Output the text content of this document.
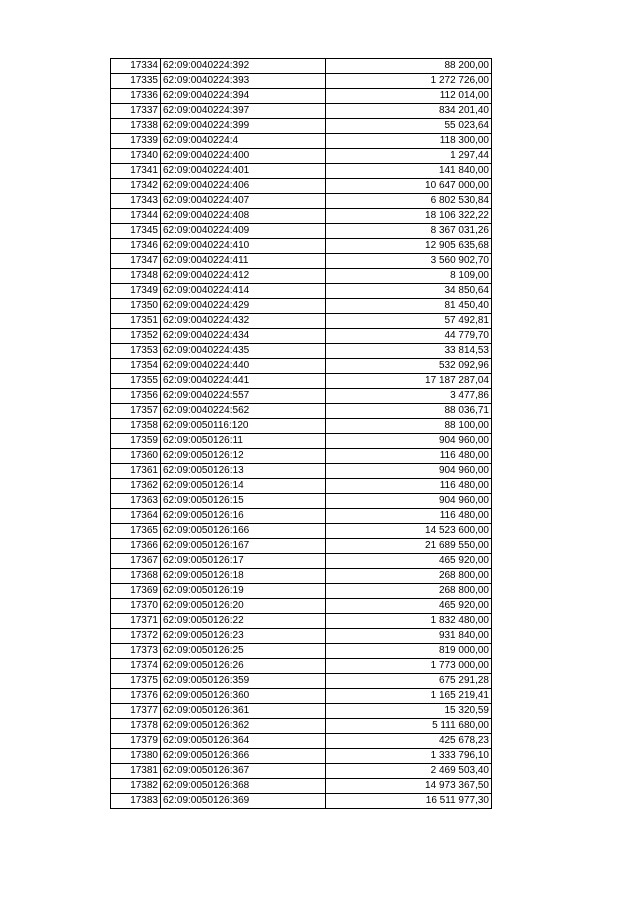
17334	62:09:0040224:392	88 200,00
17335	62:09:0040224:393	1 272 726,00
17336	62:09:0040224:394	112 014,00
17337	62:09:0040224:397	834 201,40
17338	62:09:0040224:399	55 023,64
17339	62:09:0040224:4	118 300,00
17340	62:09:0040224:400	1 297,44
17341	62:09:0040224:401	141 840,00
17342	62:09:0040224:406	10 647 000,00
17343	62:09:0040224:407	6 802 530,84
17344	62:09:0040224:408	18 106 322,22
17345	62:09:0040224:409	8 367 031,26
17346	62:09:0040224:410	12 905 635,68
17347	62:09:0040224:411	3 560 902,70
17348	62:09:0040224:412	8 109,00
17349	62:09:0040224:414	34 850,64
17350	62:09:0040224:429	81 450,40
17351	62:09:0040224:432	57 492,81
17352	62:09:0040224:434	44 779,70
17353	62:09:0040224:435	33 814,53
17354	62:09:0040224:440	532 092,96
17355	62:09:0040224:441	17 187 287,04
17356	62:09:0040224:557	3 477,86
17357	62:09:0040224:562	88 036,71
17358	62:09:0050116:120	88 100,00
17359	62:09:0050126:11	904 960,00
17360	62:09:0050126:12	116 480,00
17361	62:09:0050126:13	904 960,00
17362	62:09:0050126:14	116 480,00
17363	62:09:0050126:15	904 960,00
17364	62:09:0050126:16	116 480,00
17365	62:09:0050126:166	14 523 600,00
17366	62:09:0050126:167	21 689 550,00
17367	62:09:0050126:17	465 920,00
17368	62:09:0050126:18	268 800,00
17369	62:09:0050126:19	268 800,00
17370	62:09:0050126:20	465 920,00
17371	62:09:0050126:22	1 832 480,00
17372	62:09:0050126:23	931 840,00
17373	62:09:0050126:25	819 000,00
17374	62:09:0050126:26	1 773 000,00
17375	62:09:0050126:359	675 291,28
17376	62:09:0050126:360	1 165 219,41
17377	62:09:0050126:361	15 320,59
17378	62:09:0050126:362	5 111 680,00
17379	62:09:0050126:364	425 678,23
17380	62:09:0050126:366	1 333 796,10
17381	62:09:0050126:367	2 469 503,40
17382	62:09:0050126:368	14 973 367,50
17383	62:09:0050126:369	16 511 977,30
